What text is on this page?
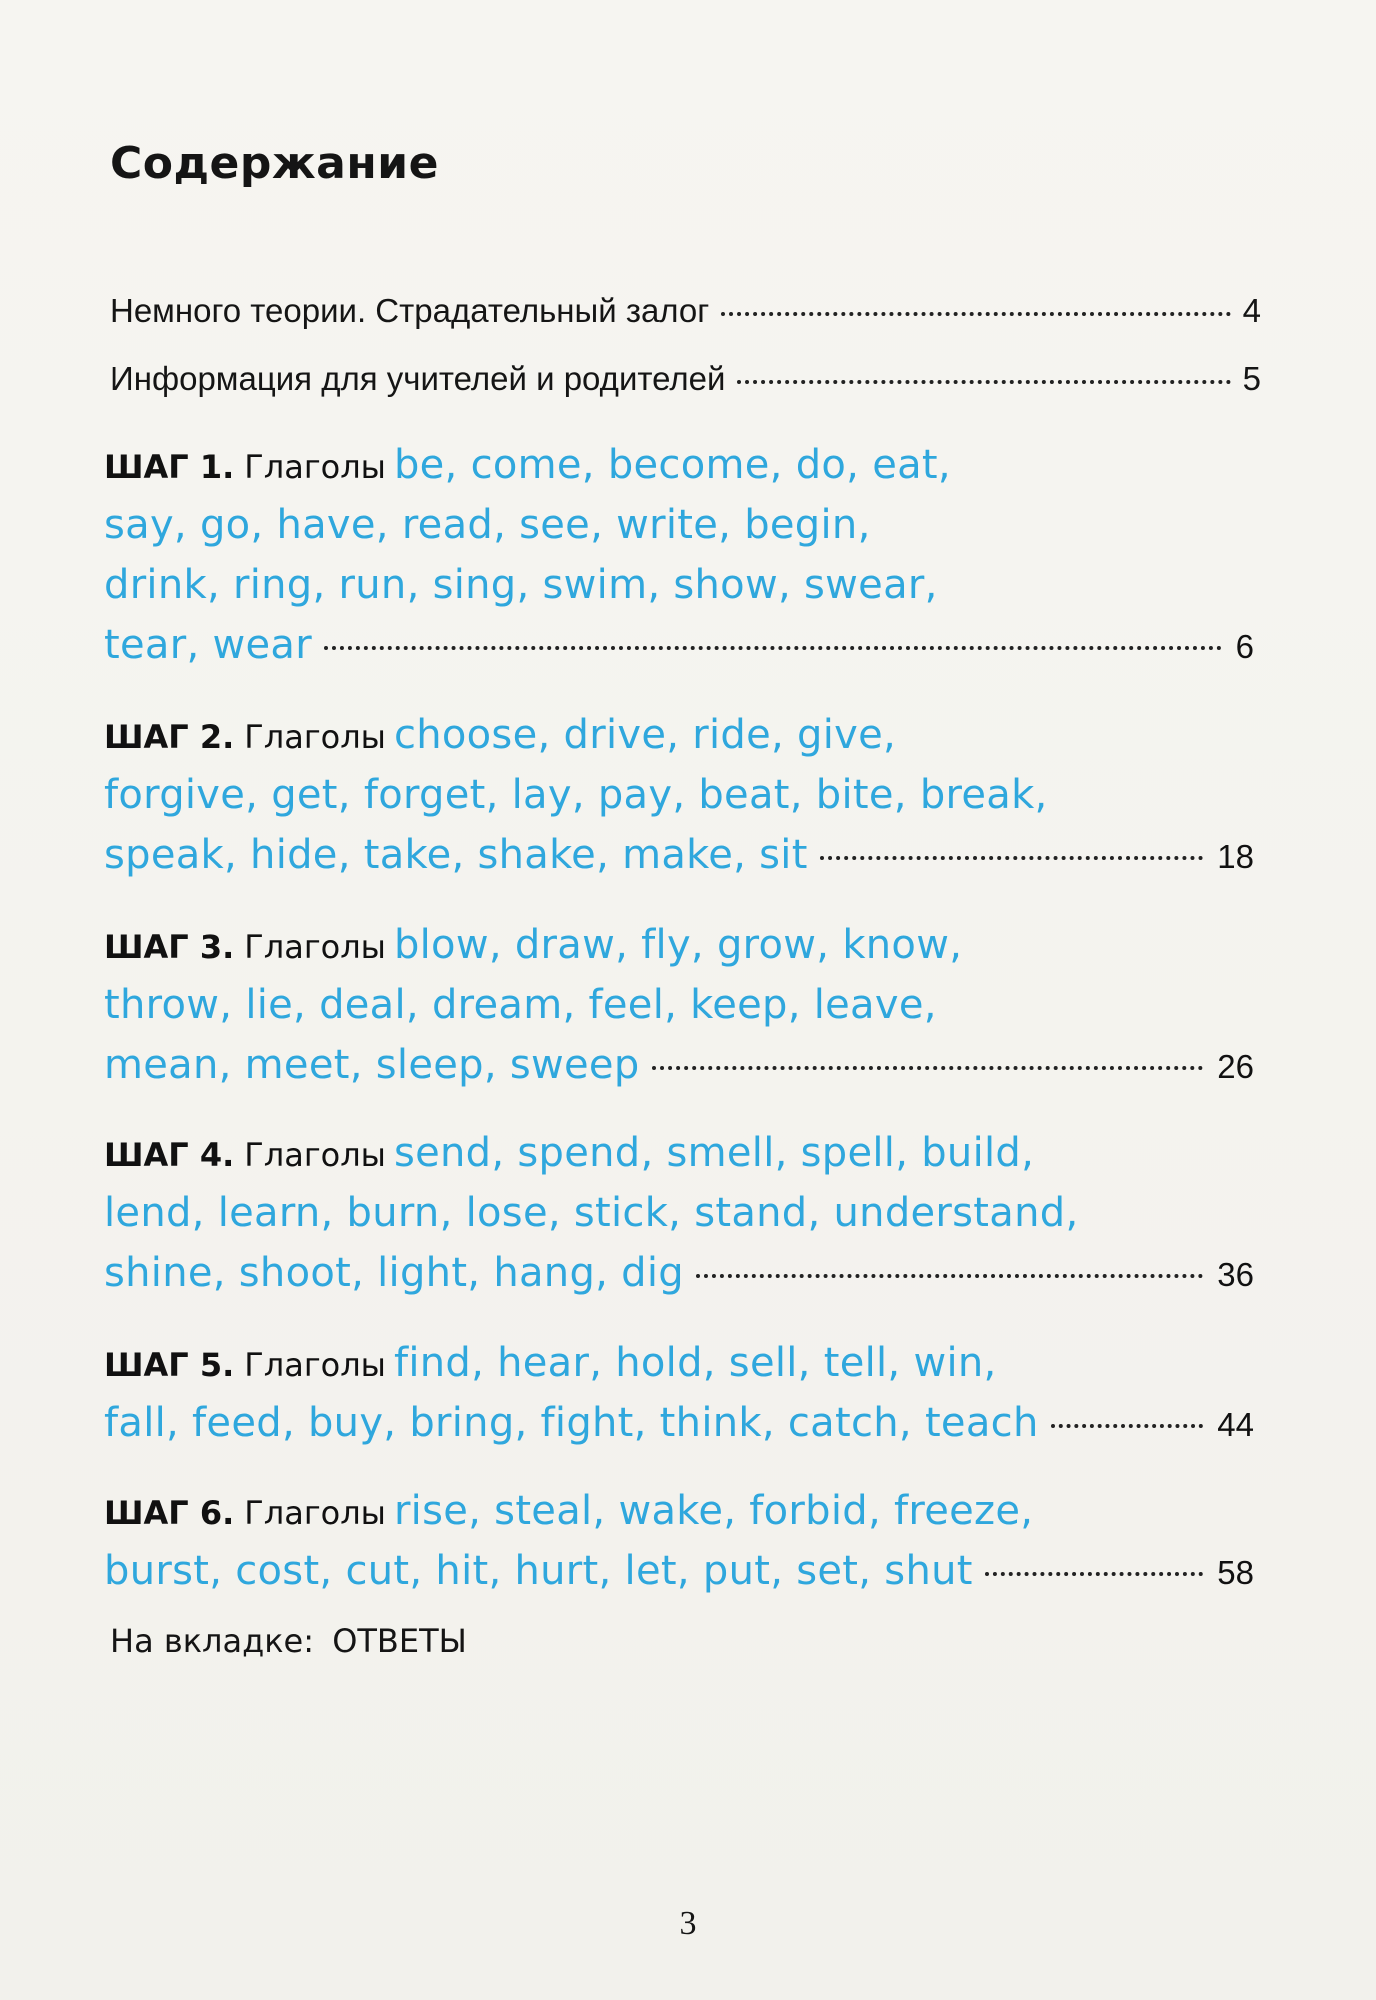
Содержание
Немного теории. Страдательный залог	4
Информация для учителей и родителей	5
ШАГ 1. Глаголы be, come, become, do, eat,
say, go, have, read, see, write, begin,
drink, ring, run, sing, swim, show, swear,
tear, wear	6
ШАГ 2. Глаголы choose, drive, ride, give,
forgive, get, forget, lay, pay, beat, bite, break,
speak, hide, take, shake, make, sit	18
ШАГ 3. Глаголы blow, draw, fly, grow, know,
throw, lie, deal, dream, feel, keep, leave,
mean, meet, sleep, sweep	26
ШАГ 4. Глаголы send, spend, smell, spell, build,
lend, learn, burn, lose, stick, stand, understand,
shine, shoot, light, hang, dig	36
ШАГ 5. Глаголы find, hear, hold, sell, tell, win,
fall, feed, buy, bring, fight, think, catch, teach	44
ШАГ 6. Глаголы rise, steal, wake, forbid, freeze,
burst, cost, cut, hit, hurt, let, put, set, shut	58
На вкладке: ОТВЕТЫ
3
